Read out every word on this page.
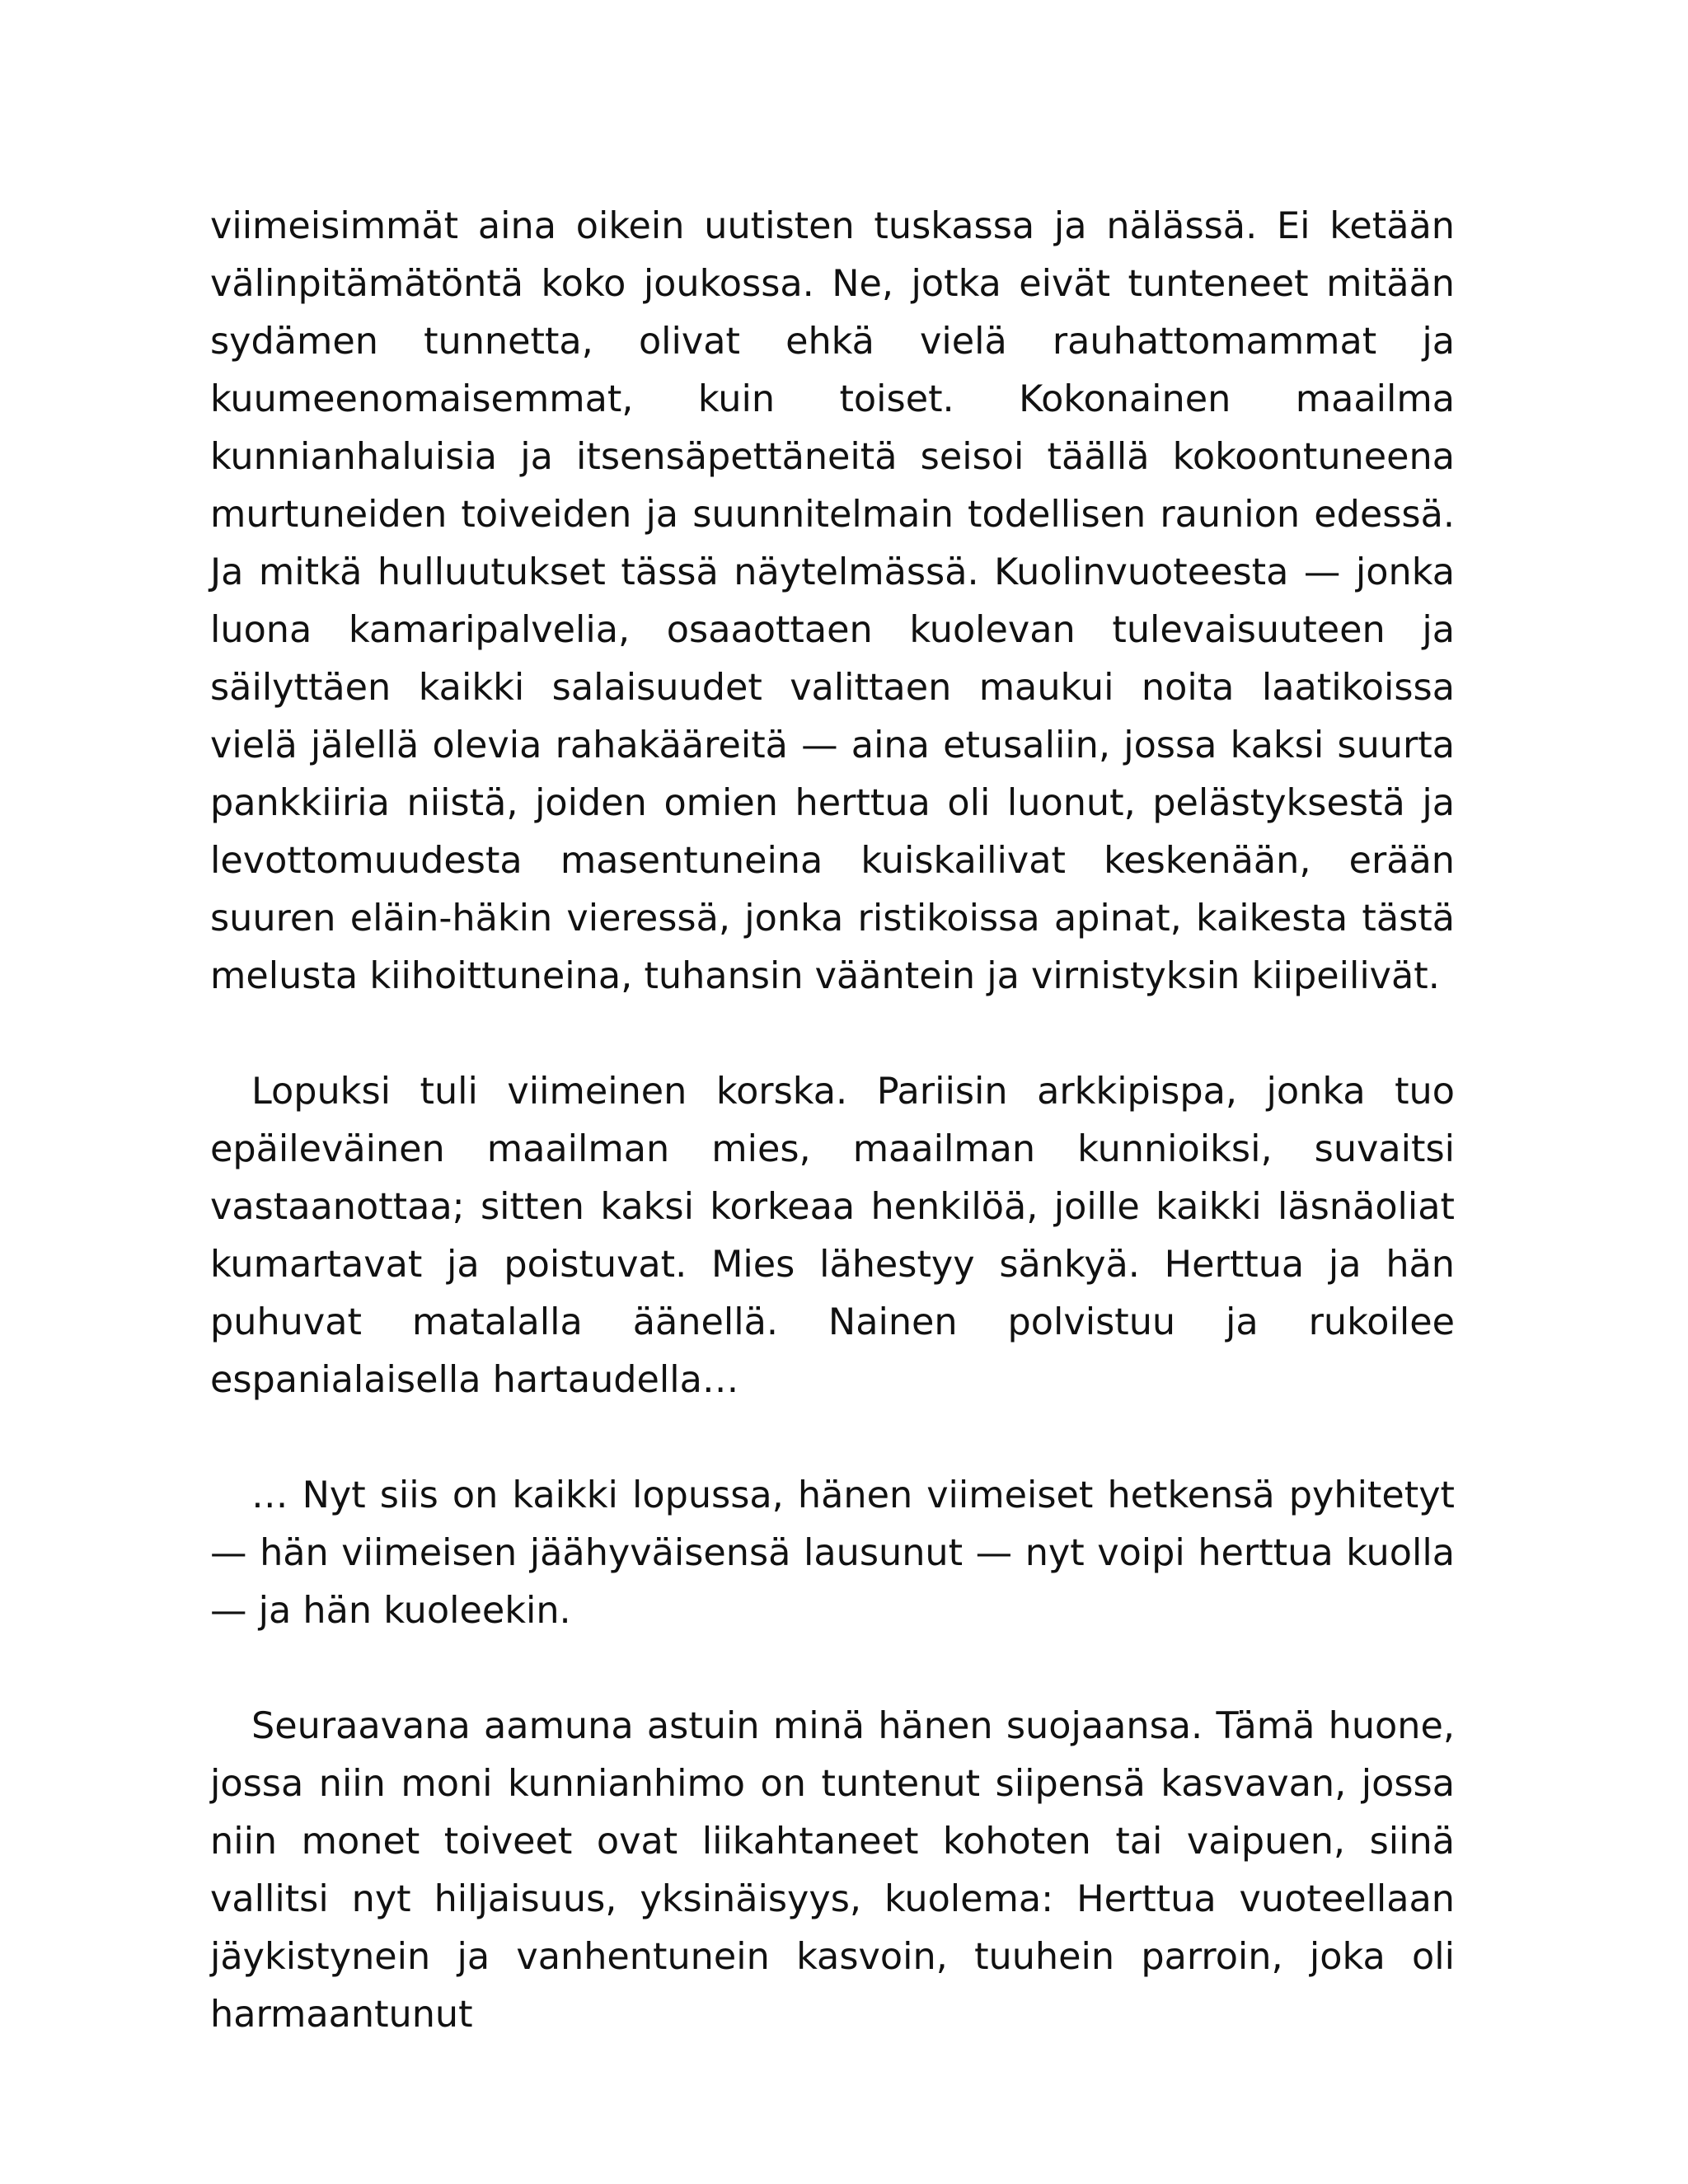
viimeisimmät aina oikein uutisten tuskassa ja nälässä. Ei ketään välinpitämätöntä koko joukossa. Ne, jotka eivät tunteneet mitään sydämen tunnetta, olivat ehkä vielä rauhattomammat ja kuumeenomaisemmat, kuin toiset. Kokonainen maailma kunnianhaluisia ja itsensäpettäneitä seisoi täällä kokoontuneena murtuneiden toiveiden ja suunnitelmain todellisen raunion edessä. Ja mitkä hulluutukset tässä näytelmässä. Kuolinvuoteesta — jonka luona kamaripalvelia, osaaottaen kuolevan tulevaisuuteen ja säilyttäen kaikki salaisuudet valittaen maukui noita laatikoissa vielä jälellä olevia rahakääreitä — aina etusaliin, jossa kaksi suurta pankkiiria niistä, joiden omien herttua oli luonut, pelästyksestä ja levottomuudesta masentuneina kuiskailivat keskenään, erään suuren eläin-häkin vieressä, jonka ristikoissa apinat, kaikesta tästä melusta kiihoittuneina, tuhansin vääntein ja virnistyksin kiipeilivät.

Lopuksi tuli viimeinen korska. Pariisin arkkipispa, jonka tuo epäileväinen maailman mies, maailman kunnioiksi, suvaitsi vastaanottaa; sitten kaksi korkeaa henkilöä, joille kaikki läsnäoliat kumartavat ja poistuvat. Mies lähestyy sänkyä. Herttua ja hän puhuvat matalalla äänellä. Nainen polvistuu ja rukoilee espanialaisella hartaudella…

… Nyt siis on kaikki lopussa, hänen viimeiset hetkensä pyhitetyt — hän viimeisen jäähyväisensä lausunut — nyt voipi herttua kuolla — ja hän kuoleekin.

Seuraavana aamuna astuin minä hänen suojaansa. Tämä huone, jossa niin moni kunnianhimo on tuntenut siipensä kasvavan, jossa niin monet toiveet ovat liikahtaneet kohoten tai vaipuen, siinä vallitsi nyt hiljaisuus, yksinäisyys, kuolema: Herttua vuoteellaan jäykistynein ja vanhentunein kasvoin, tuuhein parroin, joka oli harmaantunut
